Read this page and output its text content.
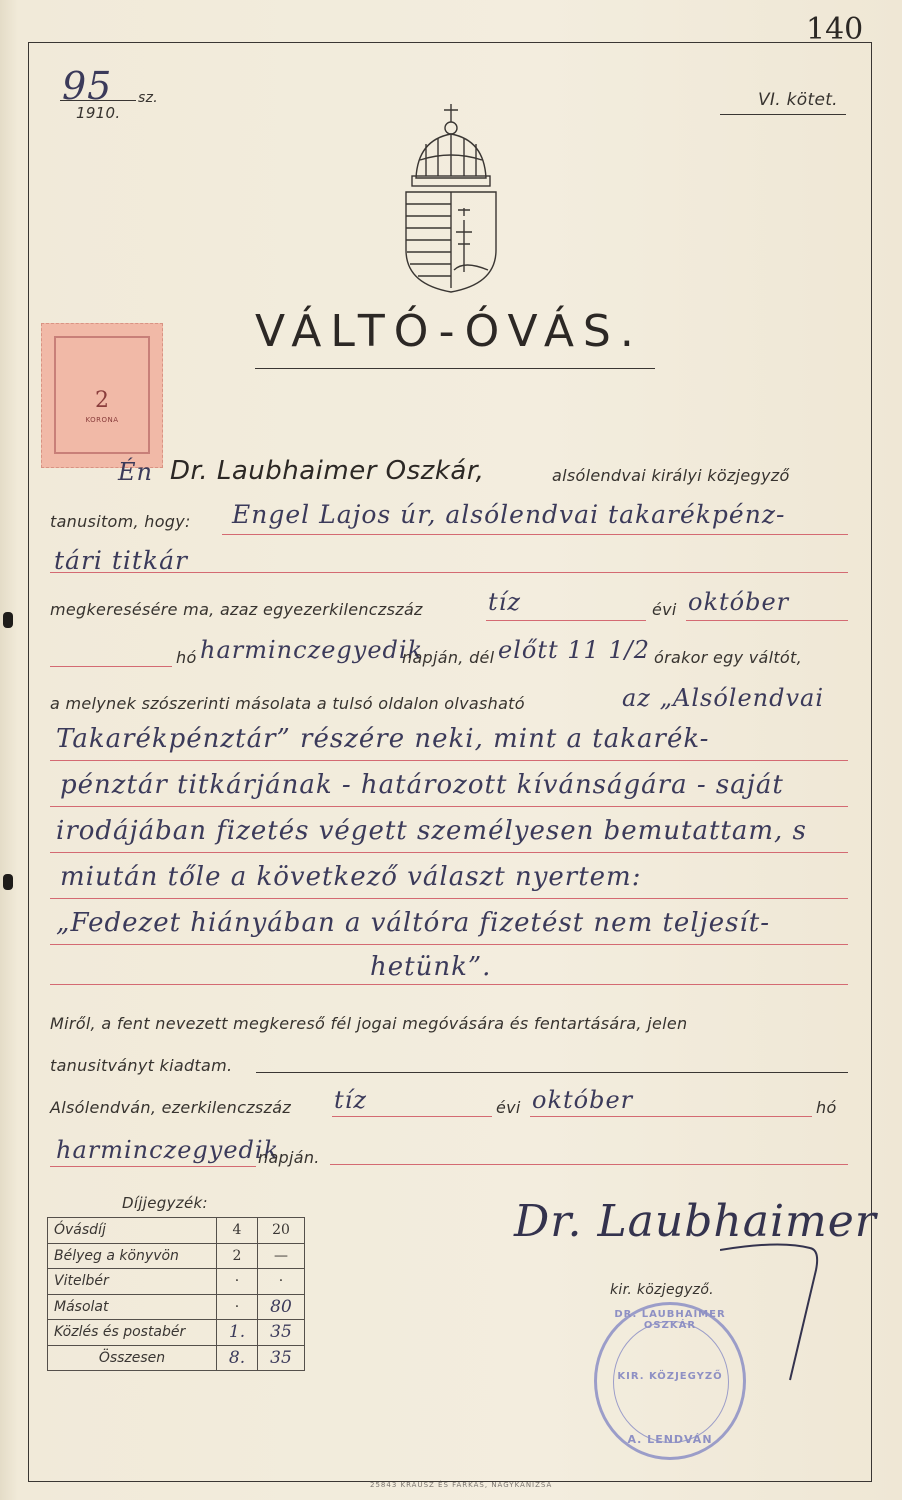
140
95 sz.
1910.
VI. kötet.
VÁLTÓ-ÓVÁS.
2
KORONA
Én Dr. Laubhaimer Oszkár,	alsólendvai királyi közjegyző
tanusitom, hogy: Engel Lajos úr, alsólendvai takarékpénz-
tári titkár
megkeresésére ma, azaz egyezerkilenczszáz	tíz	évi október
hó harminczegyedik
napján, dél előtt 11 1/2 órakor egy váltót,
a melynek szószerinti másolata a tulsó oldalon olvasható	az „Alsólendvai
Takarékpénztár” részére neki, mint a takarék-
pénztár titkárjának - határozott kívánságára - saját
irodájában fizetés végett személyesen bemutattam, s
miután tőle a következő választ nyertem:
„Fedezet hiányában a váltóra fizetést nem teljesít-
hetünk”.
Miről, a fent nevezett megkereső fél jogai megóvására és fentartására, jelen
tanusitványt kiadtam.
Alsólendván, ezerkilenczszáz tíz	évi október	hó
harminczegyedik
napján.
Díjjegyzék:
Óvásdíj	4	20
Bélyeg a könyvön	2	—
Vitelbér	·	·
Másolat	·	80
Közlés és postabér	1.	35
Összesen	8.	35
Dr. Laubhaimer
kir. közjegyző.
DR. LAUBHAIMER OSZKÁR
KIR. KÖZJEGYZŐ
A. LENDVÁN
25843 KRAUSZ ÉS FARKAS, NAGYKANIZSA
